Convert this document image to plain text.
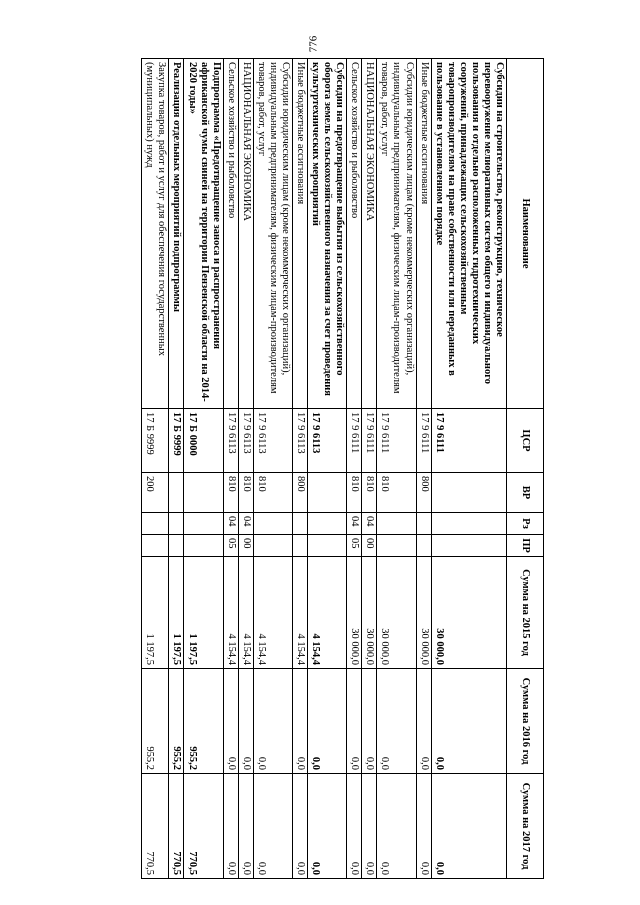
776
Наименование	ЦСР	ВР	Рз	ПР	Сумма на 2015 год	Сумма на 2016 год	Сумма на 2017 год
Субсидии на строительство, реконструкцию, техническое перевооружение мелиоративных систем общего и индивидуального пользования и отдельно расположенных гидротехнических сооружений, принадлежащих сельскохозяйственным товаропроизводителям на праве собственности или переданных в пользование в установленном порядке	17 9 6111				30 000,0	0,0	0,0
Иные бюджетные ассигнования	17 9 6111	800			30 000,0	0,0	0,0
Субсидии юридическим лицам (кроме некоммерческих организаций), индивидуальным предпринимателям, физическим лицам-производителям товаров, работ, услуг	17 9 6111	810			30 000,0	0,0	0,0
НАЦИОНАЛЬНАЯ ЭКОНОМИКА	17 9 6111	810	04	00	30 000,0	0,0	0,0
Сельское хозяйство и рыболовство	17 9 6111	810	04	05	30 000,0	0,0	0,0
Субсидии на предотвращение выбытия из сельскохозяйственного оборота земель сельскохозяйственного назначения за счет проведения культуртехнических мероприятий	17 9 6113				4 154,4	0,0	0,0
Иные бюджетные ассигнования	17 9 6113	800			4 154,4	0,0	0,0
Субсидии юридическим лицам (кроме некоммерческих организаций), индивидуальным предпринимателям, физическим лицам-производителям товаров, работ, услуг	17 9 6113	810			4 154,4	0,0	0,0
НАЦИОНАЛЬНАЯ ЭКОНОМИКА	17 9 6113	810	04	00	4 154,4	0,0	0,0
Сельское хозяйство и рыболовство	17 9 6113	810	04	05	4 154,4	0,0	0,0
Подпрограмма «Предотвращение заноса и распространения африканской чумы свиней на территории Пензенской области на 2014-2020 годы»	17 Б 0000				1 197,5	955,2	770,5
Реализация отдельных мероприятий подпрограммы	17 Б 9999				1 197,5	955,2	770,5
Закупка товаров, работ и услуг для обеспечения государственных (муниципальных) нужд	17 Б 9999	200			1 197,5	955,2	770,5
